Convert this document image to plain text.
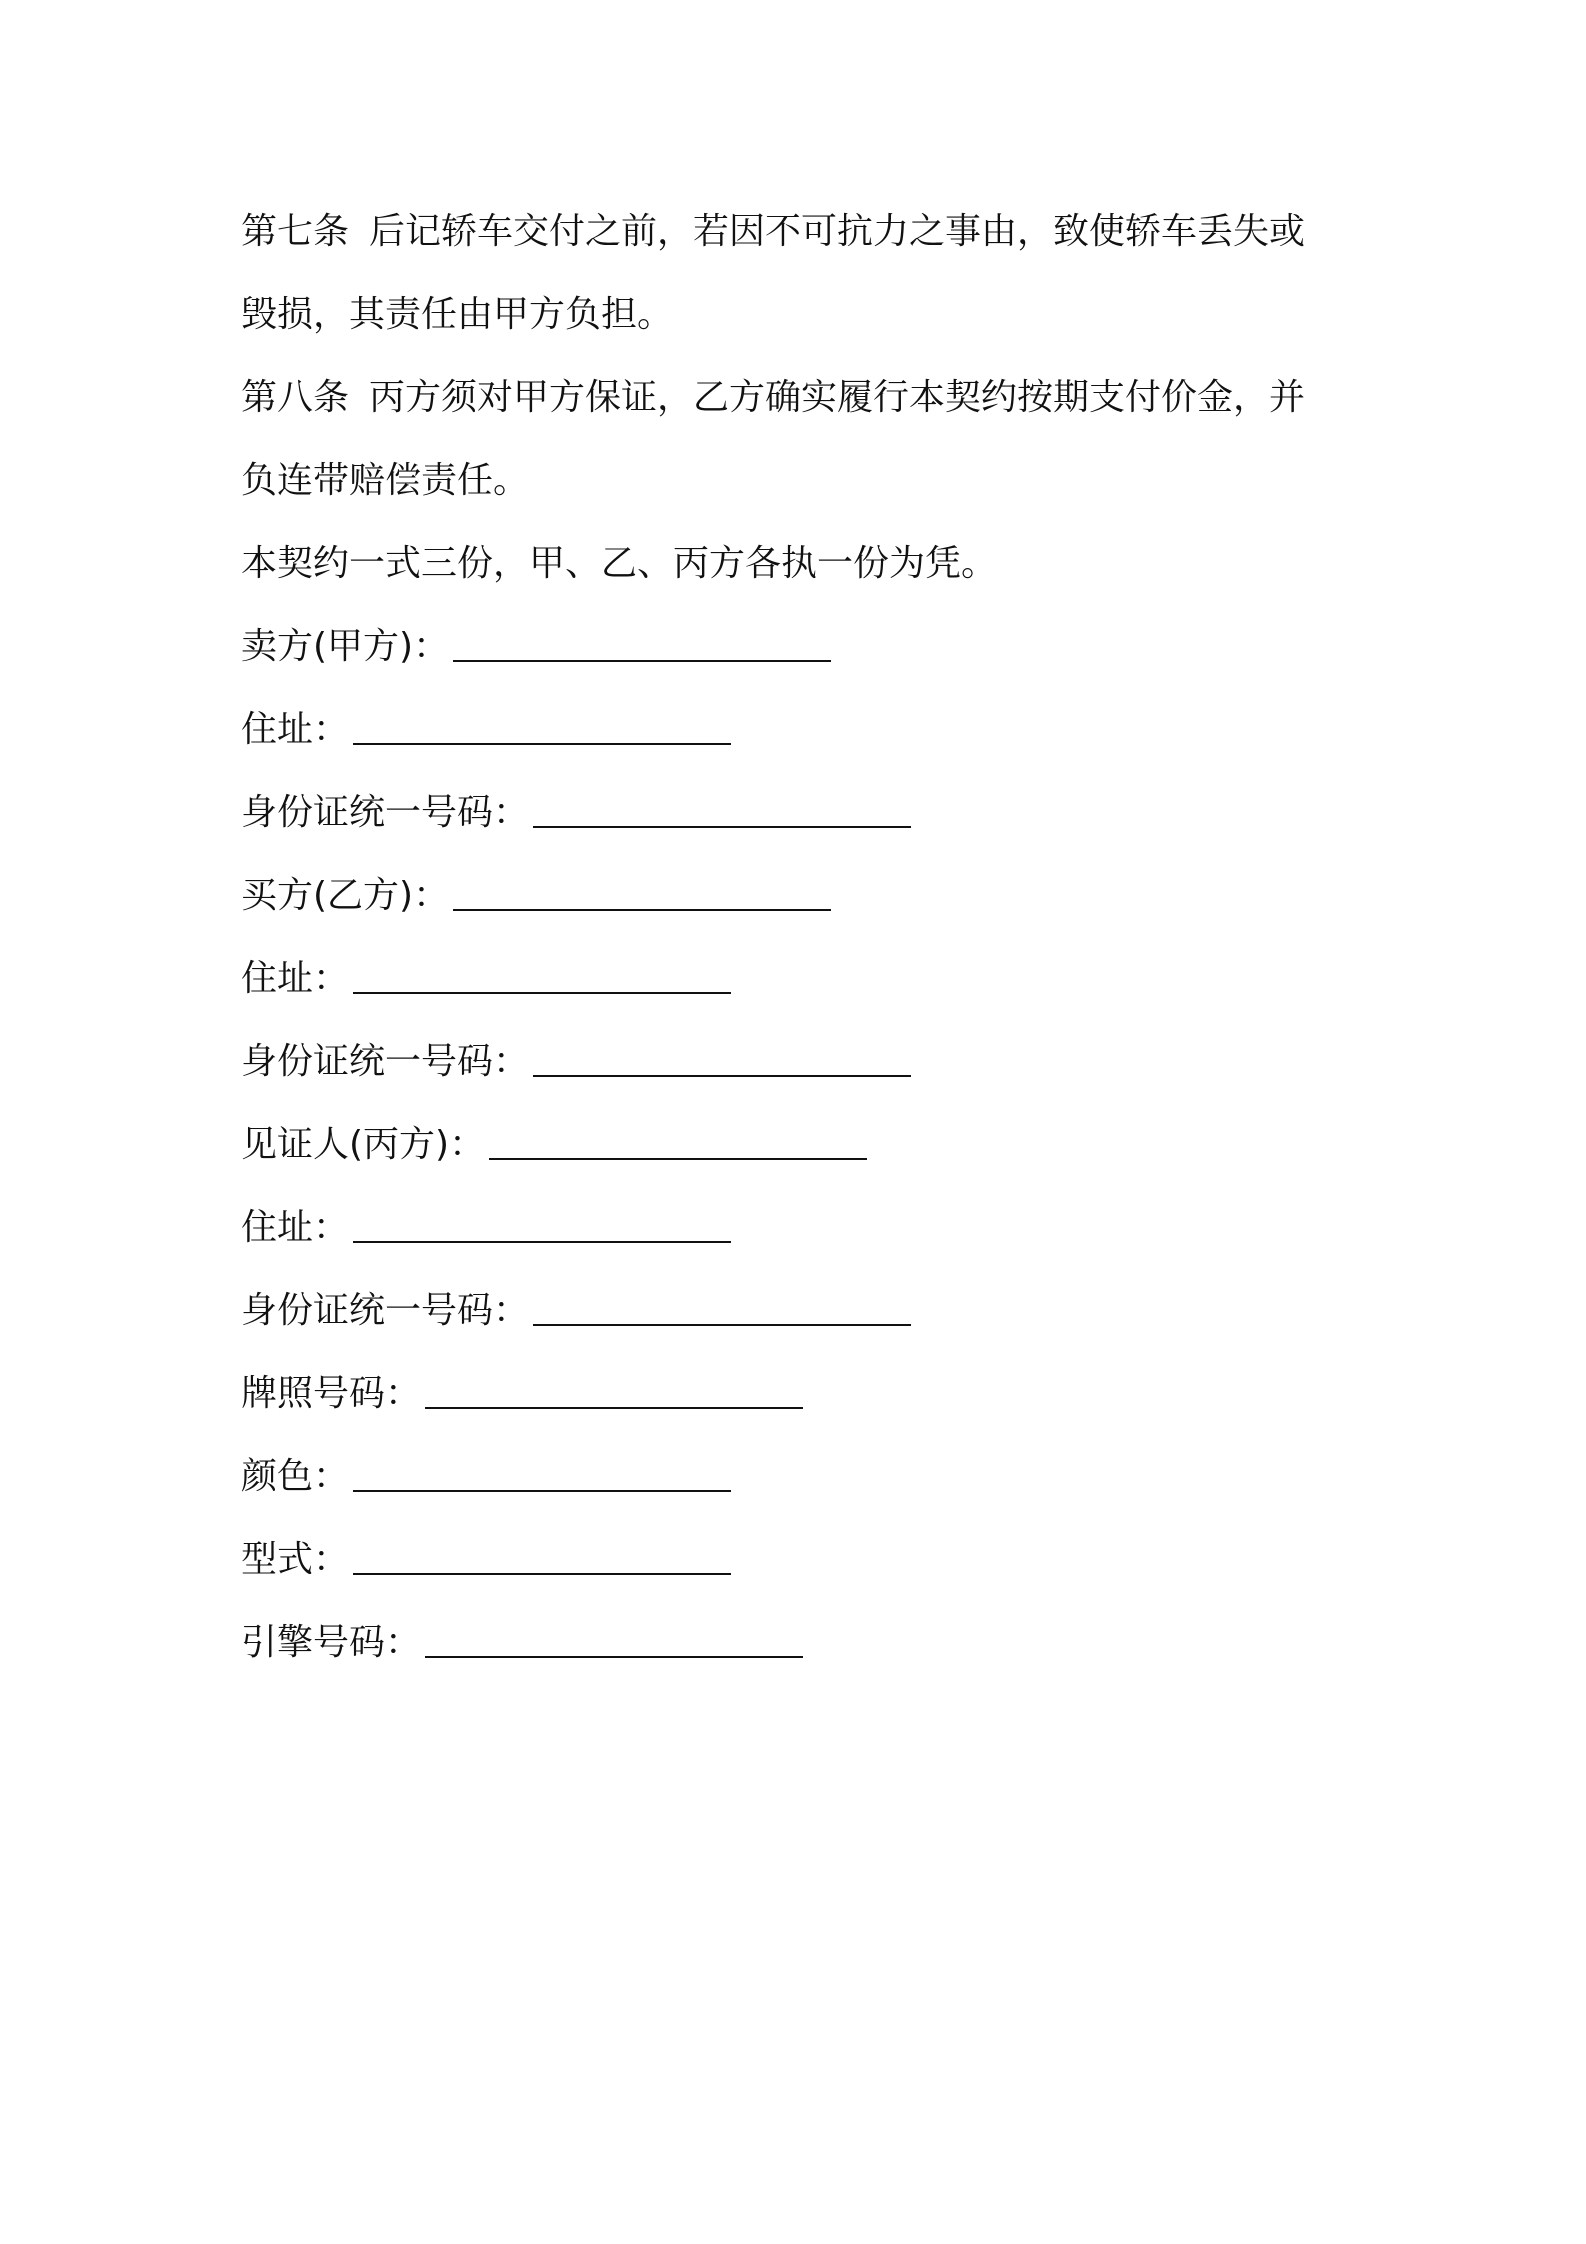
第七条 后记轿车交付之前，若因不可抗力之事由，致使轿车丢失或
毁损，其责任由甲方负担。
第八条 丙方须对甲方保证，乙方确实履行本契约按期支付价金，并
负连带赔偿责任。
本契约一式三份，甲、乙、丙方各执一份为凭。
卖方(甲方)：
住址：
身份证统一号码：
买方(乙方)：
住址：
身份证统一号码：
见证人(丙方)：
住址：
身份证统一号码：
牌照号码：
颜色：
型式：
引擎号码：
